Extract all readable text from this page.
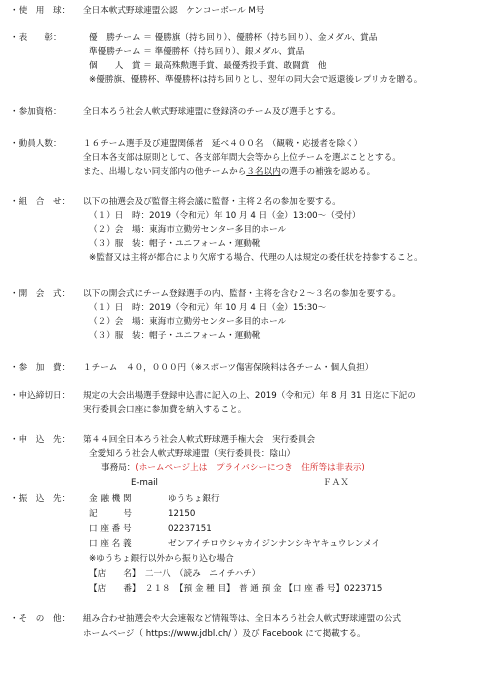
・使　用　球： 全日本軟式野球連盟公認　ケンコーボール M号
・表　　彰：	優　勝チーム ＝ 優勝旗（持ち回り）、優勝杯（持ち回り）、金メダル、賞品
準優勝チーム ＝ 準優勝杯（持ち回り）、銀メダル、賞品
個　　人　賞 ＝ 最高殊勲選手賞、最優秀投手賞、敢闘賞　他
※優勝旗、優勝杯、準優勝杯は持ち回りとし、翌年の同大会で返還後レプリカを贈る。
・参加資格： 全日本ろう社会人軟式野球連盟に登録済のチーム及び選手とする。
・動員人数： １６チーム選手及び連盟関係者　延べ４００名　（観戦・応援者を除く）
全日本各支部は原則として、各支部年間大会等から上位チームを選ぶこととする。
また、出場しない同支部内の他チームから３名以内の選手の補強を認める。
・組　合　せ： 以下の抽選会及び監督主将会議に監督・主将２名の参加を要する。
（１）日　時：2019（令和元）年 10 月 4 日（金）13:00〜（受付）
（２）会　場：東海市立勤労センター多目的ホール
（３）服　装：帽子・ユニフォーム・運動靴
※監督又は主将が都合により欠席する場合、代理の人は規定の委任状を持参すること。
・開　会　式： 以下の開会式にチーム登録選手の内、監督・主将を含む２〜３名の参加を要する。
（１）日　時：2019（令和元）年 10 月 4 日（金）15:30〜
（２）会　場：東海市立勤労センター多目的ホール
（３）服　装：帽子・ユニフォーム・運動靴
・参　加　費： １チーム　４０，０００円（※スポーツ傷害保険料は各チーム・個人負担）
・申込締切日： 規定の大会出場選手登録申込書に記入の上、2019（令和元）年 8 月 31 日迄に下記の
実行委員会口座に参加費を納入すること。
・申　込　先： 第４４回全日本ろう社会人軟式野球選手権大会　実行委員会
全愛知ろう社会人軟式野球連盟（実行委員長：陰山）
事務局：(ホームページ上は　プライバシーにつき　住所等は非表示)
E-mail	ＦＡＸ
・振　込　先： 金 融 機 関	ゆうちょ銀行
記　　　号	12150
口 座 番 号	02237151
口 座 名 義	ゼンアイチロウシャカイジンナンシキヤキュウレンメイ
※ゆうちょ銀行以外から振り込む場合
【店　　名】　二一八　（読み　ニイチハチ）
【店　　番】　２１８　【預 金 種 目】　普 通 預 金 【口 座 番 号】0223715
・そ　の　他： 組み合わせ抽選会や大会速報など情報等は、全日本ろう社会人軟式野球連盟の公式
ホームページ（ https://www.jdbl.ch/ ）及び Facebook にて掲載する。
